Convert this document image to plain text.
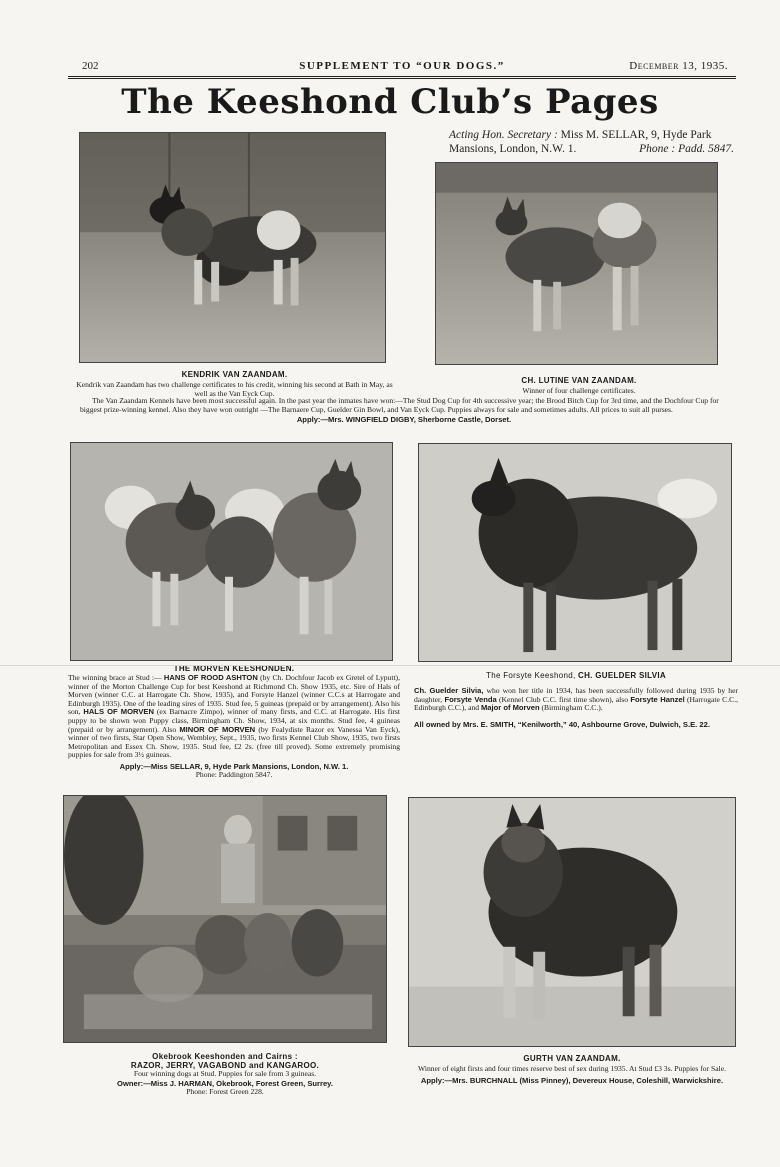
202	SUPPLEMENT TO “OUR DOGS.”	December 13, 1935.
The Keeshond Club’s Pages
Acting Hon. Secretary : Miss M. SELLAR, 9, Hyde Park
Mansions, London, N.W. 1.	Phone : Padd. 5847.
KENDRIK VAN ZAANDAM.
Kendrik van Zaandam has two challenge certificates to his credit, winning his second at Bath in May, as well as the Van Eyck Cup.
CH. LUTINE VAN ZAANDAM.
Winner of four challenge certificates.
The Van Zaandam Kennels have been most successful again. In the past year the inmates have won:—The Stud Dog Cup for 4th successive year; the Brood Bitch Cup for 3rd time, and the Dochfour Cup for biggest prize-winning kennel. Also they have won outright —The Barnaere Cup, Guelder Gin Bowl, and Van Eyck Cup. Puppies always for sale and sometimes adults. All prices to suit all purses.
Apply:—Mrs. WINGFIELD DIGBY, Sherborne Castle, Dorset.
THE MORVEN KEESHONDEN.
The winning brace at Stud :— HANS OF ROOD ASHTON (by Ch. Dochfour Jacob ex Gretel of Lyputt), winner of the Morton Challenge Cup for best Keeshond at Richmond Ch. Show 1935, etc. Sire of Hals of Morven (winner C.C. at Harrogate Ch. Show, 1935), and Forsyte Hanzel (winner C.C.s at Harrogate and Edinburgh 1935). One of the leading sires of 1935. Stud fee, 5 guineas (prepaid or by arrangement). Also his son, HALS OF MORVEN (ex Barnacre Zimpo), winner of many firsts, and C.C. at Harrogate. His first puppy to be shown won Puppy class, Birmingham Ch. Show, 1934, at six months. Stud fee, 4 guineas (prepaid or by arrangement). Also MINOR OF MORVEN (by Fealydiste Razor ex Vanessa Van Eyck), winner of two firsts, Star Open Show, Wembley, Sept., 1935, two firsts Kennel Club Show, 1935, two firsts Metropolitan and Essex Ch. Show, 1935. Stud fee, £2 2s. (free till proved). Some extremely promising puppies for sale from 3½ guineas.
Apply:—Miss SELLAR, 9, Hyde Park Mansions, London, N.W. 1.
Phone: Paddington 5847.
The Forsyte Keeshond, CH. GUELDER SILVIA
Ch. Guelder Silvia, who won her title in 1934, has been successfully followed during 1935 by her daughter, Forsyte Venda (Kennel Club C.C. first time shown), also Forsyte Hanzel (Harrogate C.C., Edinburgh C.C.), and Major of Morven (Birmingham C.C.).
All owned by Mrs. E. SMITH, “Kenilworth,” 40, Ashbourne Grove, Dulwich, S.E. 22.
Okebrook Keeshonden and Cairns :
RAZOR, JERRY, VAGABOND and KANGAROO.
Four winning dogs at Stud. Puppies for sale from 3 guineas.
Owner:—Miss J. HARMAN, Okebrook, Forest Green, Surrey.
Phone: Forest Green 228.
GURTH VAN ZAANDAM.
Winner of eight firsts and four times reserve best of sex during 1935. At Stud £3 3s. Puppies for Sale.
Apply:—Mrs. BURCHNALL (Miss Pinney), Devereux House, Coleshill, Warwickshire.
